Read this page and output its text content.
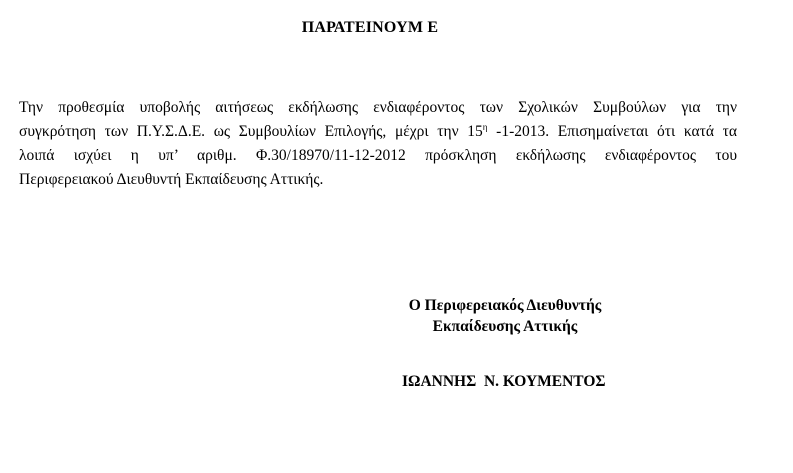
ΠΑΡΑΤΕΙΝΟΥΜ Ε
Την προθεσμία υποβολής αιτήσεως εκδήλωσης ενδιαφέροντος των Σχολικών Συμβούλων για την
συγκρότηση των Π.Υ.Σ.Δ.Ε. ως Συμβουλίων Επιλογής, μέχρι την $15^\eta$ -1-2013. Επισημαίνεται ότι κατά τα
λοιπά ισχύει η υπ’ αριθμ. Φ.30/18970/11-12-2012 πρόσκληση εκδήλωσης ενδιαφέροντος του
Περιφερειακού Διευθυντή Εκπαίδευσης Αττικής.
Ο Περιφερειακός Διευθυντής
Εκπαίδευσης Αττικής
ΙΩΑΝΝΗΣ  Ν. ΚΟΥΜΕΝΤΟΣ
